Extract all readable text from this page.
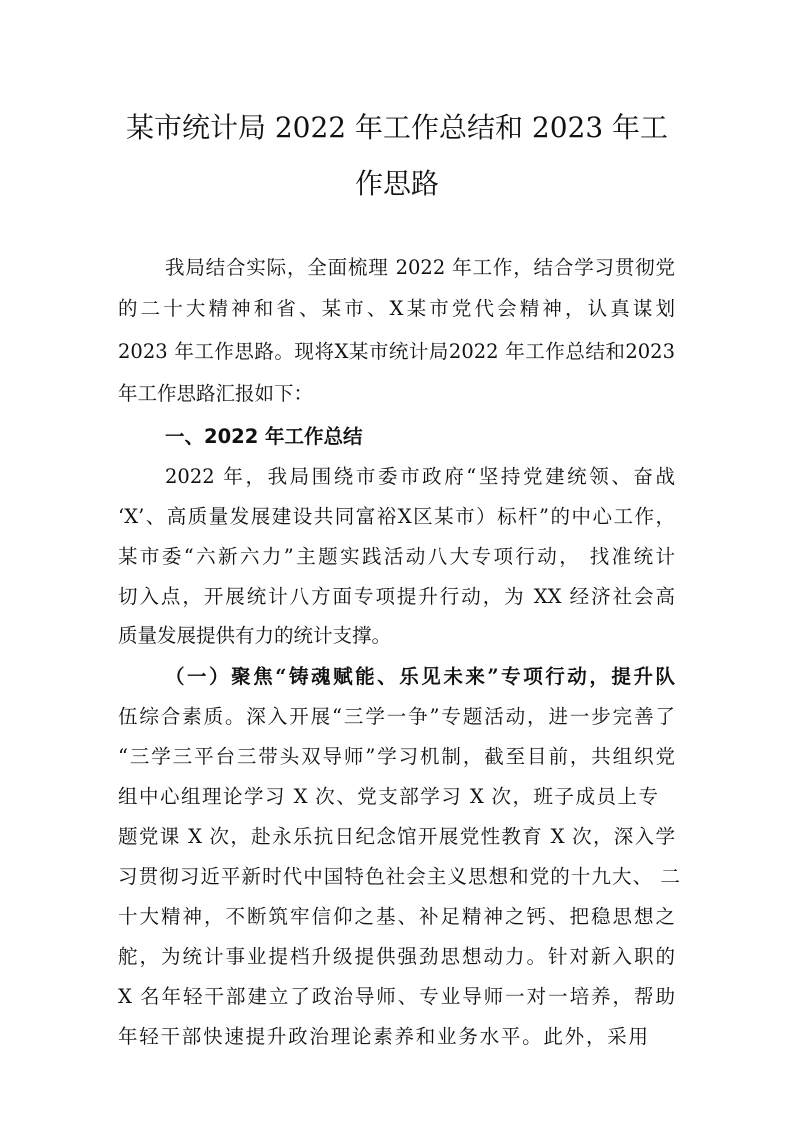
某市统计局 2022 年工作总结和 2023 年工
作思路
我局结合实际，全面梳理 2022 年工作，结合学习贯彻党
的二十大精神和省、某市、X某市党代会精神，认真谋划
2023 年工作思路。现将X某市统计局2022 年工作总结和2023
年工作思路汇报如下：
一、2022 年工作总结
2022 年，我局围绕市委市政府“坚持党建统领、奋战
‘X’、高质量发展建设共同富裕X区某市）标杆”的中心工作，
某市委“六新六力”主题实践活动八大专项行动， 找准统计
切入点，开展统计八方面专项提升行动，为 XX 经济社会高
质量发展提供有力的统计支撑。
（一）聚焦“铸魂赋能、乐见未来”专项行动，提升队
伍综合素质。深入开展“三学一争”专题活动，进一步完善了
“三学三平台三带头双导师”学习机制，截至目前，共组织党
组中心组理论学习 X 次、党支部学习 X 次，班子成员上专
题党课 X 次，赴永乐抗日纪念馆开展党性教育 X 次，深入学
习贯彻习近平新时代中国特色社会主义思想和党的十九大、 二
十大精神，不断筑牢信仰之基、补足精神之钙、把稳思想之
舵，为统计事业提档升级提供强劲思想动力。针对新入职的
X 名年轻干部建立了政治导师、专业导师一对一培养，帮助
年轻干部快速提升政治理论素养和业务水平。此外，采用
